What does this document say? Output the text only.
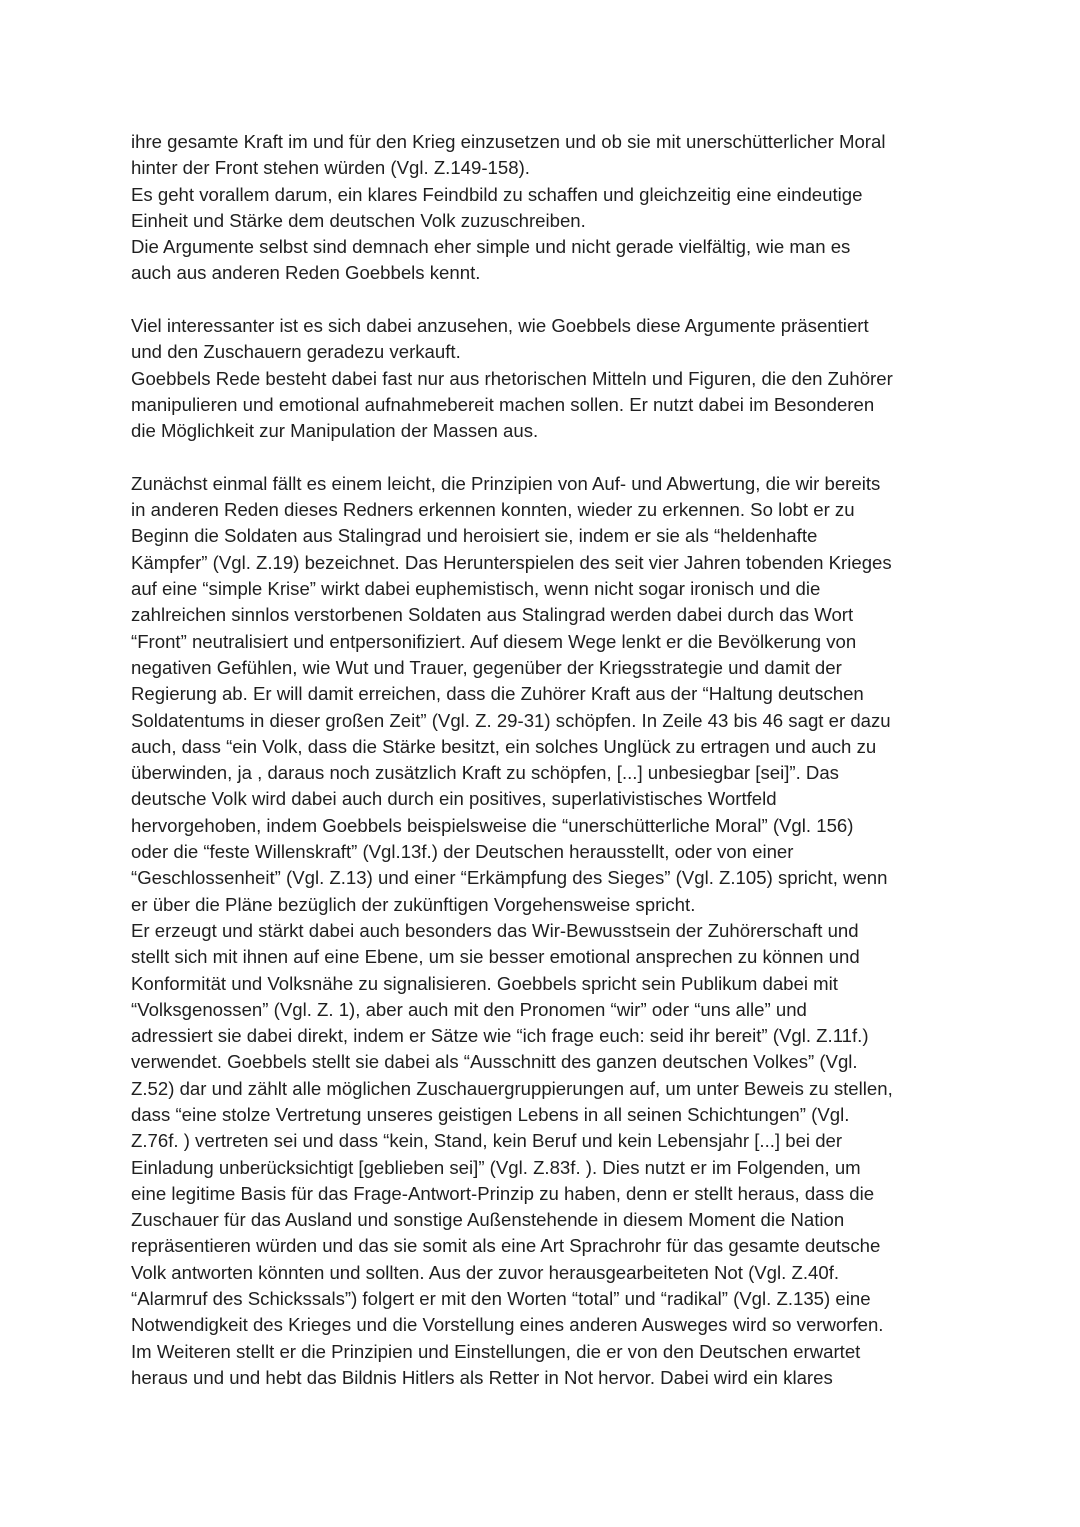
ihre gesamte Kraft im und für den Krieg einzusetzen und ob sie mit unerschütterlicher Moral
hinter der Front stehen würden (Vgl. Z.149-158).

Es geht vorallem darum, ein klares Feindbild zu schaffen und gleichzeitig eine eindeutige
Einheit und Stärke dem deutschen Volk zuzuschreiben.

Die Argumente selbst sind demnach eher simple und nicht gerade vielfältig, wie man es
auch aus anderen Reden Goebbels kennt.

Viel interessanter ist es sich dabei anzusehen, wie Goebbels diese Argumente präsentiert
und den Zuschauern geradezu verkauft.

Goebbels Rede besteht dabei fast nur aus rhetorischen Mitteln und Figuren, die den Zuhörer
manipulieren und emotional aufnahmebereit machen sollen. Er nutzt dabei im Besonderen
die Möglichkeit zur Manipulation der Massen aus.

Zunächst einmal fällt es einem leicht, die Prinzipien von Auf- und Abwertung, die wir bereits
in anderen Reden dieses Redners erkennen konnten, wieder zu erkennen. So lobt er zu
Beginn die Soldaten aus Stalingrad und heroisiert sie, indem er sie als “heldenhafte
Kämpfer” (Vgl. Z.19) bezeichnet. Das Herunterspielen des seit vier Jahren tobenden Krieges
auf eine “simple Krise” wirkt dabei euphemistisch, wenn nicht sogar ironisch und die
zahlreichen sinnlos verstorbenen Soldaten aus Stalingrad werden dabei durch das Wort
“Front” neutralisiert und entpersonifiziert. Auf diesem Wege lenkt er die Bevölkerung von
negativen Gefühlen, wie Wut und Trauer, gegenüber der Kriegsstrategie und damit der
Regierung ab. Er will damit erreichen, dass die Zuhörer Kraft aus der “Haltung deutschen
Soldatentums in dieser großen Zeit” (Vgl. Z. 29-31) schöpfen. In Zeile 43 bis 46 sagt er dazu
auch, dass “ein Volk, dass die Stärke besitzt, ein solches Unglück zu ertragen und auch zu
überwinden, ja , daraus noch zusätzlich Kraft zu schöpfen, [...] unbesiegbar [sei]”. Das
deutsche Volk wird dabei auch durch ein positives, superlativistisches Wortfeld
hervorgehoben, indem Goebbels beispielsweise die “unerschütterliche Moral” (Vgl. 156)
oder die “feste Willenskraft” (Vgl.13f.) der Deutschen herausstellt, oder von einer
“Geschlossenheit” (Vgl. Z.13) und einer “Erkämpfung des Sieges” (Vgl. Z.105) spricht, wenn
er über die Pläne bezüglich der zukünftigen Vorgehensweise spricht.

Er erzeugt und stärkt dabei auch besonders das Wir-Bewusstsein der Zuhörerschaft und
stellt sich mit ihnen auf eine Ebene, um sie besser emotional ansprechen zu können und
Konformität und Volksnähe zu signalisieren. Goebbels spricht sein Publikum dabei mit
“Volksgenossen” (Vgl. Z. 1), aber auch mit den Pronomen “wir” oder “uns alle” und
adressiert sie dabei direkt, indem er Sätze wie “ich frage euch: seid ihr bereit” (Vgl. Z.11f.)
verwendet. Goebbels stellt sie dabei als “Ausschnitt des ganzen deutschen Volkes” (Vgl.
Z.52) dar und zählt alle möglichen Zuschauergruppierungen auf, um unter Beweis zu stellen,
dass “eine stolze Vertretung unseres geistigen Lebens in all seinen Schichtungen” (Vgl.
Z.76f. ) vertreten sei und dass “kein, Stand, kein Beruf und kein Lebensjahr [...] bei der
Einladung unberücksichtigt [geblieben sei]” (Vgl. Z.83f. ). Dies nutzt er im Folgenden, um
eine legitime Basis für das Frage-Antwort-Prinzip zu haben, denn er stellt heraus, dass die
Zuschauer für das Ausland und sonstige Außenstehende in diesem Moment die Nation
repräsentieren würden und das sie somit als eine Art Sprachrohr für das gesamte deutsche
Volk antworten könnten und sollten. Aus der zuvor herausgearbeiteten Not (Vgl. Z.40f.
“Alarmruf des Schickssals”) folgert er mit den Worten “total” und “radikal” (Vgl. Z.135) eine
Notwendigkeit des Krieges und die Vorstellung eines anderen Ausweges wird so verworfen.
Im Weiteren stellt er die Prinzipien und Einstellungen, die er von den Deutschen erwartet
heraus und und hebt das Bildnis Hitlers als Retter in Not hervor. Dabei wird ein klares
